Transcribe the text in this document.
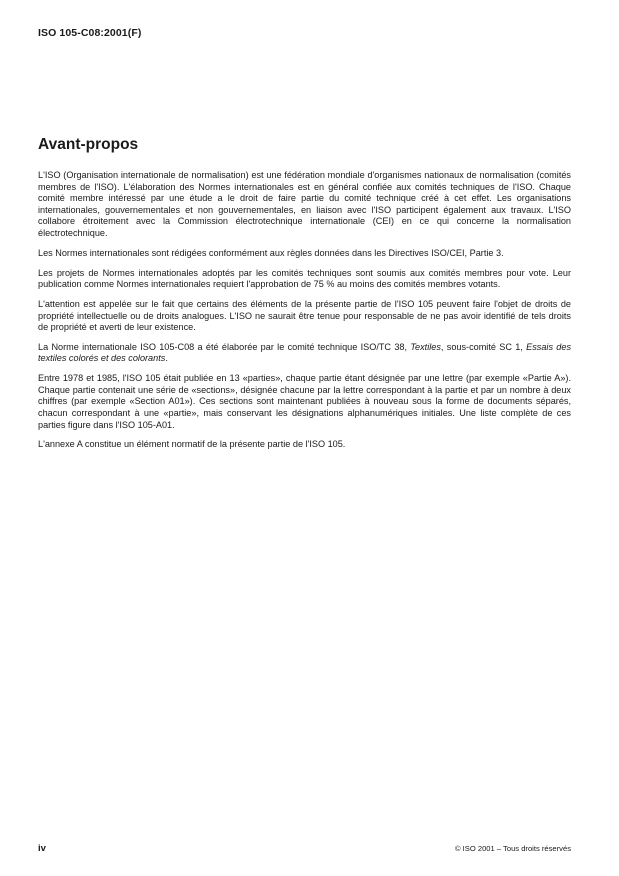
ISO 105-C08:2001(F)
Avant-propos

L'ISO (Organisation internationale de normalisation) est une fédération mondiale d'organismes nationaux de normalisation (comités membres de l'ISO). L'élaboration des Normes internationales est en général confiée aux comités techniques de l'ISO. Chaque comité membre intéressé par une étude a le droit de faire partie du comité technique créé à cet effet. Les organisations internationales, gouvernementales et non gouvernementales, en liaison avec l'ISO participent également aux travaux. L'ISO collabore étroitement avec la Commission électrotechnique internationale (CEI) en ce qui concerne la normalisation électrotechnique.

Les Normes internationales sont rédigées conformément aux règles données dans les Directives ISO/CEI, Partie 3.

Les projets de Normes internationales adoptés par les comités techniques sont soumis aux comités membres pour vote. Leur publication comme Normes internationales requiert l'approbation de 75 % au moins des comités membres votants.

L'attention est appelée sur le fait que certains des éléments de la présente partie de l'ISO 105 peuvent faire l'objet de droits de propriété intellectuelle ou de droits analogues. L'ISO ne saurait être tenue pour responsable de ne pas avoir identifié de tels droits de propriété et averti de leur existence.

La Norme internationale ISO 105-C08 a été élaborée par le comité technique ISO/TC 38, Textiles, sous-comité SC 1, Essais des textiles colorés et des colorants.

Entre 1978 et 1985, l'ISO 105 était publiée en 13 «parties», chaque partie étant désignée par une lettre (par exemple «Partie A»). Chaque partie contenait une série de «sections», désignée chacune par la lettre correspondant à la partie et par un nombre à deux chiffres (par exemple «Section A01»). Ces sections sont maintenant publiées à nouveau sous la forme de documents séparés, chacun correspondant à une «partie», mais conservant les désignations alphanumériques initiales. Une liste complète de ces parties figure dans l'ISO 105-A01.

L'annexe A constitue un élément normatif de la présente partie de l'ISO 105.

iv	© ISO 2001 – Tous droits réservés
